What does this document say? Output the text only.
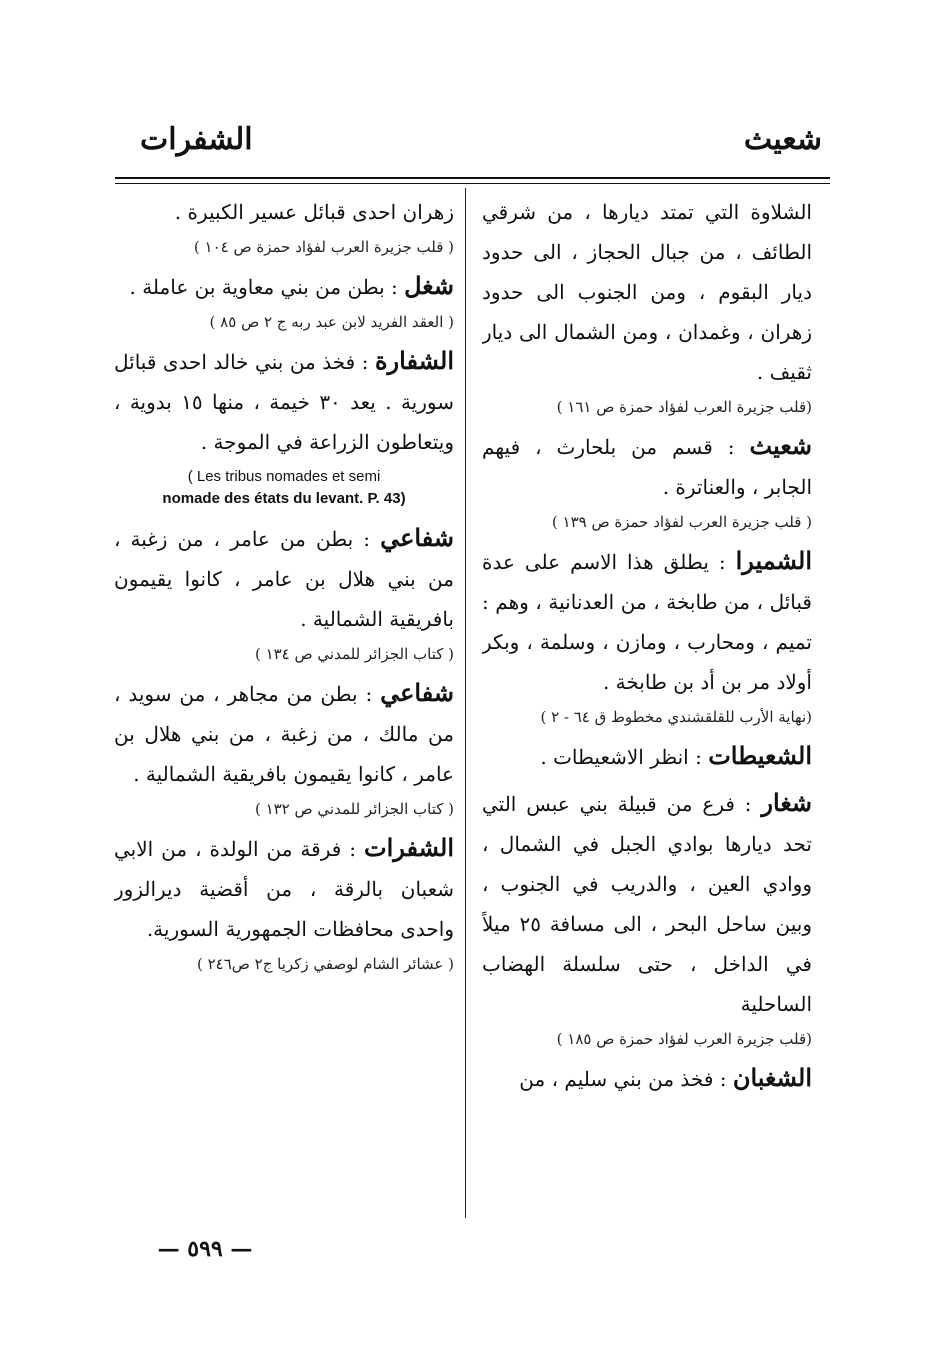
شعيث
الشفرات

الشلاوة التي تمتد ديارها ، من شرقي الطائف ، من جبال الحجاز ، الى حدود ديار البقوم ، ومن الجنوب الى حدود زهران ، وغمدان ، ومن الشمال الى ديار ثقيف .

(قلب جزيرة العرب لفؤاد حمزة ص ١٦١ )

شعيث : قسم من بلحارث ، فيهم الجابر ، والعناترة .

( قلب جزيرة العرب لفؤاد حمزة ص ١٣٩ )

الشميرا : يطلق هذا الاسم على عدة قبائل ، من طابخة ، من العدنانية ، وهم : تميم ، ومحارب ، ومازن ، وسلمة ، وبكر أولاد مر بن أد بن طابخة .

(نهاية الأرب للقلقشندي مخطوط ق ٦٤ - ٢ )

الشعيطات : انظر الاشعيطات .

شغار : فرع من قبيلة بني عبس التي تحد ديارها بوادي الجبل في الشمال ، ووادي العين ، والدريب في الجنوب ، وبين ساحل البحر ، الى مسافة ٢٥ ميلاً في الداخل ، حتى سلسلة الهضاب الساحلية

(قلب جزيرة العرب لفؤاد حمزة ص ١٨٥ )

الشغبان : فخذ من بني سليم ، من

زهران احدى قبائل عسير الكبيرة .

( قلب جزيرة العرب لفؤاد حمزة ص ١٠٤ )

شغل : بطن من بني معاوية بن عاملة .

( العقد الفريد لابن عبد ربه ج ٢ ص ٨٥ )

الشفارة : فخذ من بني خالد احدى قبائل سورية . يعد ٣٠ خيمة ، منها ١٥ بدوية ، ويتعاطون الزراعة في الموجة .

( Les tribus nomades et semi
nomade des états du levant. P. 43)

شفاعي : بطن من عامر ، من زغبة ، من بني هلال بن عامر ، كانوا يقيمون بافريقية الشمالية .

( كتاب الجزائر للمدني ص ١٣٤ )

شفاعي : بطن من مجاهر ، من سويد ، من مالك ، من زغبة ، من بني هلال بن عامر ، كانوا يقيمون بافريقية الشمالية .

( كتاب الجزائر للمدني ص ١٣٢ )

الشفرات : فرقة من الولدة ، من الابي شعبان بالرقة ، من أقضية ديرالزور واحدى محافظات الجمهورية السورية.

( عشائر الشام لوصفي زكريا ج٢ ص٢٤٦ )

— ٥٩٩ —
